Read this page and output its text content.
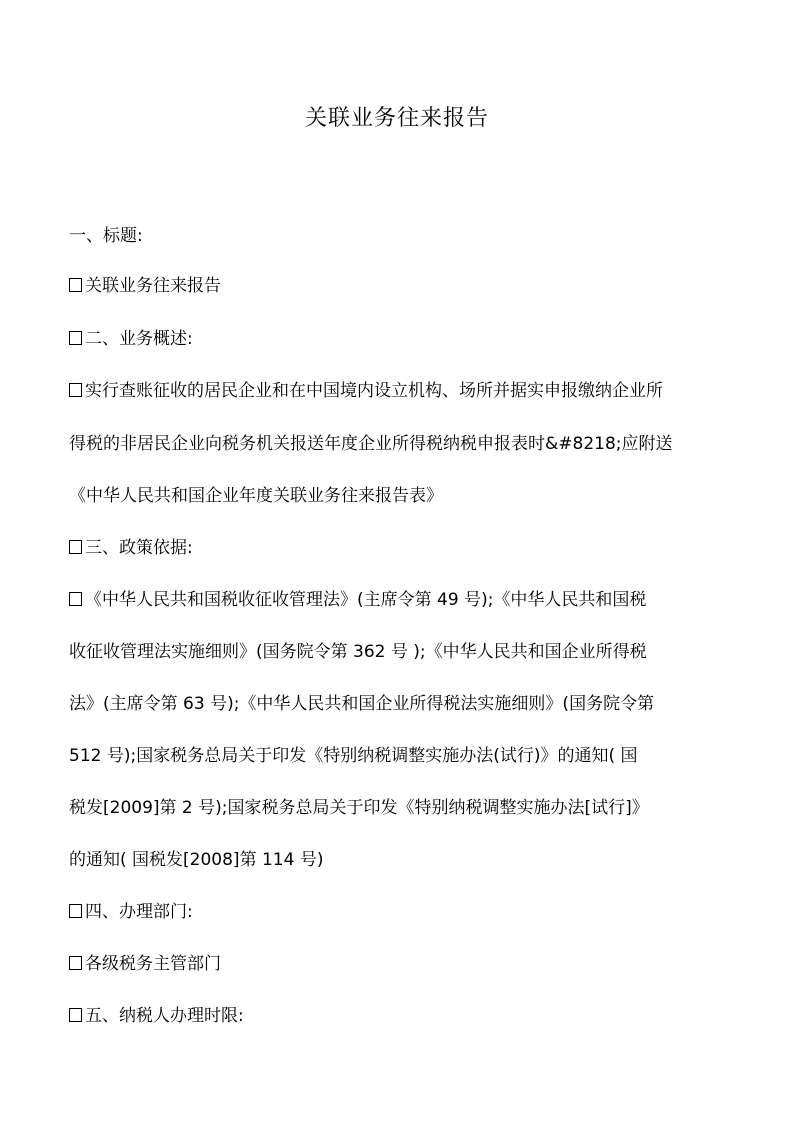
关联业务往来报告
一、标题:
关联业务往来报告
二、业务概述:
实行查账征收的居民企业和在中国境内设立机构、场所并据实申报缴纳企业所
得税的非居民企业向税务机关报送年度企业所得税纳税申报表时&#8218;应附送
《中华人民共和国企业年度关联业务往来报告表》
三、政策依据:
《中华人民共和国税收征收管理法》(主席令第 49 号);《中华人民共和国税
收征收管理法实施细则》(国务院令第 362 号 );《中华人民共和国企业所得税
法》(主席令第 63 号);《中华人民共和国企业所得税法实施细则》(国务院令第
512 号);国家税务总局关于印发《特别纳税调整实施办法(试行)》的通知( 国
税发[2009]第 2 号);国家税务总局关于印发《特别纳税调整实施办法[试行]》
的通知( 国税发[2008]第 114 号)
四、办理部门:
各级税务主管部门
五、纳税人办理时限:
